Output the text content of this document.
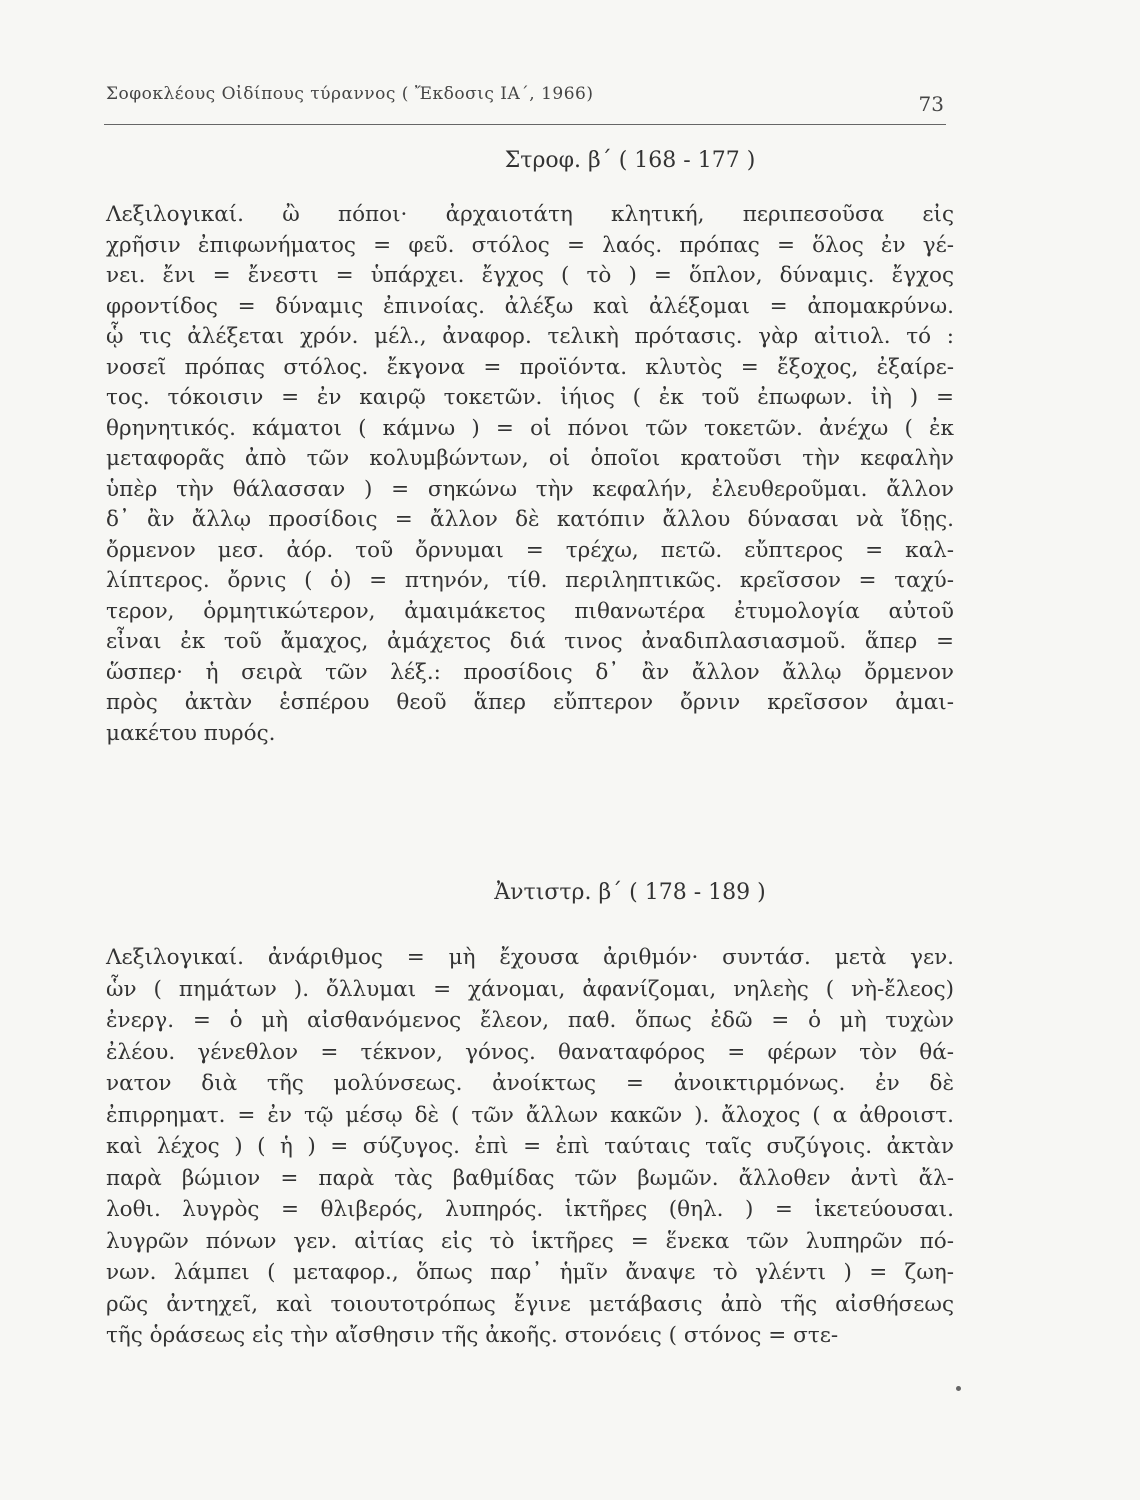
Σοφοκλέους Οἰδίπους τύραννος ( Ἔκδοσις ΙΑ΄, 1966)	73
Στροφ. β΄ ( 168 - 177 )
Λεξιλογικαί. ὢ πόποι· ἀρχαιοτάτη κλητική, περιπεσοῦσα εἰς
χρῆσιν ἐπιφωνήματος = φεῦ. στόλος = λαός. πρόπας = ὅλος ἐν γέ-
νει. ἔνι = ἔνεστι = ὑπάρχει. ἔγχος ( τὸ ) = ὅπλον, δύναμις. ἔγχος
φροντίδος = δύναμις ἐπινοίας. ἀλέξω καὶ ἀλέξομαι = ἀπομακρύνω.
ᾧ τις ἀλέξεται χρόν. μέλ., ἀναφορ. τελικὴ πρότασις. γὰρ αἰτιολ. τό :
νοσεῖ πρόπας στόλος. ἔκγονα = προϊόντα. κλυτὸς = ἔξοχος, ἐξαίρε-
τος. τόκοισιν = ἐν καιρῷ τοκετῶν. ἰήιος ( ἐκ τοῦ ἐπωφων. ἰὴ ) =
θρηνητικός. κάματοι ( κάμνω ) = οἱ πόνοι τῶν τοκετῶν. ἀνέχω ( ἐκ
μεταφορᾶς ἀπὸ τῶν κολυμβώντων, οἱ ὁποῖοι κρατοῦσι τὴν κεφαλὴν
ὑπὲρ τὴν θάλασσαν ) = σηκώνω τὴν κεφαλήν, ἐλευθεροῦμαι. ἄλλον
δ᾽ ἂν ἄλλῳ προσίδοις = ἄλλον δὲ κατόπιν ἄλλου δύνασαι νὰ ἴδῃς.
ὄρμενον μεσ. ἀόρ. τοῦ ὄρνυμαι = τρέχω, πετῶ. εὔπτερος = καλ-
λίπτερος. ὄρνις ( ὁ) = πτηνόν, τίθ. περιληπτικῶς. κρεῖσσον = ταχύ-
τερον, ὁρμητικώτερον, ἀμαιμάκετος πιθανωτέρα ἐτυμολογία αὐτοῦ
εἶναι ἐκ τοῦ ἄμαχος, ἀμάχετος διά τινος ἀναδιπλασιασμοῦ. ἅπερ =
ὥσπερ· ἡ σειρὰ τῶν λέξ.: προσίδοις δ᾽ ἂν ἄλλον ἄλλῳ ὄρμενον
πρὸς ἀκτὰν ἑσπέρου θεοῦ ἅπερ εὔπτερον ὄρνιν κρεῖσσον ἀμαι-
μακέτου πυρός.
Ἀντιστρ. β΄ ( 178 - 189 )
Λεξιλογικαί. ἀνάριθμος = μὴ ἔχουσα ἀριθμόν· συντάσ. μετὰ γεν.
ὧν ( πημάτων ). ὄλλυμαι = χάνομαι, ἀφανίζομαι, νηλεὴς ( νὴ-ἔλεος)
ἐνεργ. = ὁ μὴ αἰσθανόμενος ἔλεον, παθ. ὅπως ἐδῶ = ὁ μὴ τυχὼν
ἐλέου. γένεθλον = τέκνον, γόνος. θαναταφόρος = φέρων τὸν θά-
νατον διὰ τῆς μολύνσεως. ἀνοίκτως = ἀνοικτιρμόνως. ἐν δὲ
ἐπιρρηματ. = ἐν τῷ μέσῳ δὲ ( τῶν ἄλλων κακῶν ). ἄλοχος ( α ἀθροιστ.
καὶ λέχος ) ( ἡ ) = σύζυγος. ἐπὶ = ἐπὶ ταύταις ταῖς συζύγοις. ἀκτὰν
παρὰ βώμιον = παρὰ τὰς βαθμίδας τῶν βωμῶν. ἄλλοθεν ἀντὶ ἄλ-
λοθι. λυγρὸς = θλιβερός, λυπηρός. ἱκτῆρες (θηλ. ) = ἱκετεύουσαι.
λυγρῶν πόνων γεν. αἰτίας εἰς τὸ ἱκτῆρες = ἕνεκα τῶν λυπηρῶν πό-
νων. λάμπει ( μεταφορ., ὅπως παρ᾽ ἡμῖν ἄναψε τὸ γλέντι ) = ζωη-
ρῶς ἀντηχεῖ, καὶ τοιουτοτρόπως ἔγινε μετάβασις ἀπὸ τῆς αἰσθήσεως
τῆς ὁράσεως εἰς τὴν αἴσθησιν τῆς ἀκοῆς. στονόεις ( στόνος = στε-
